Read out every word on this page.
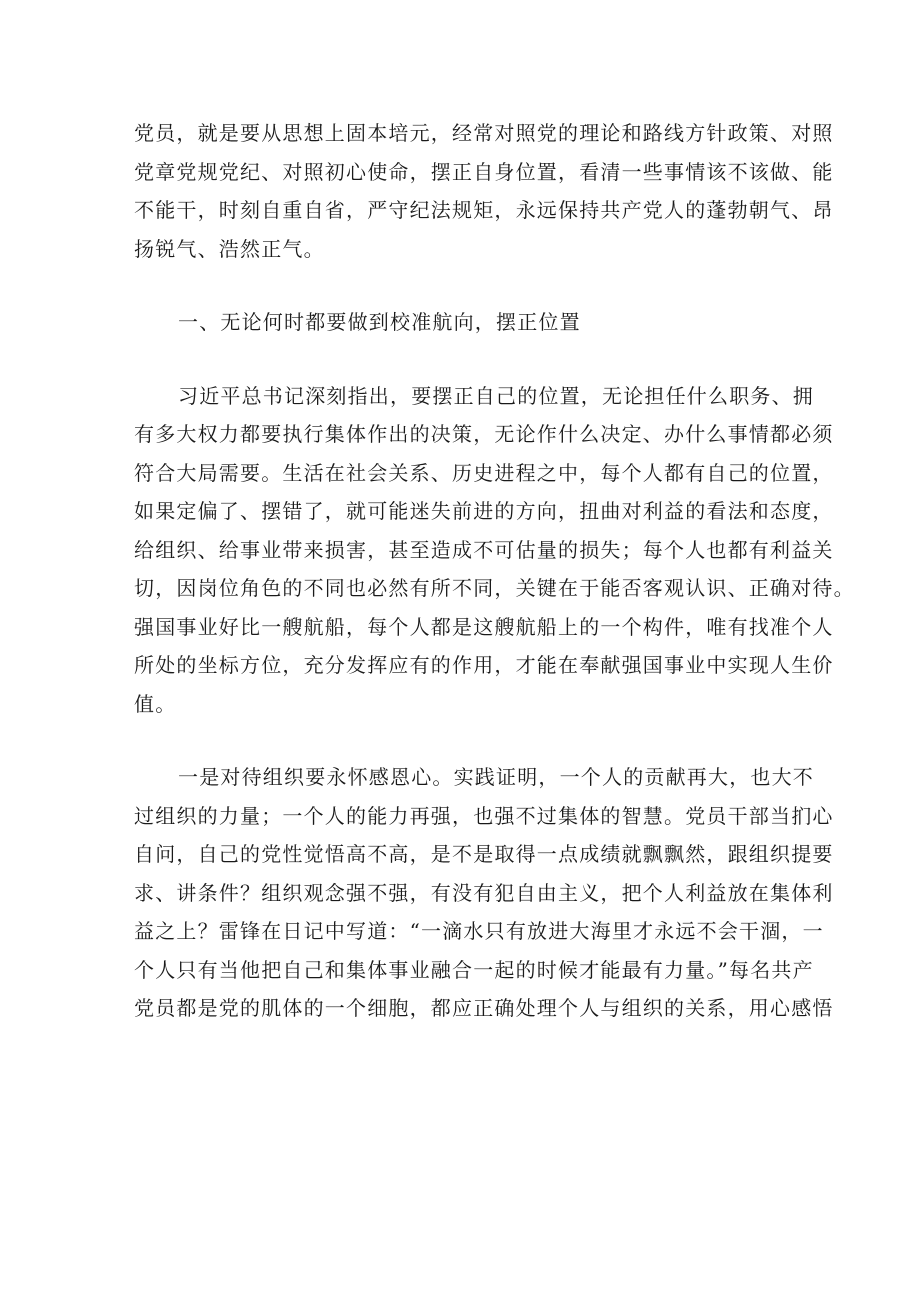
党员，就是要从思想上固本培元，经常对照党的理论和路线方针政策、对照
党章党规党纪、对照初心使命，摆正自身位置，看清一些事情该不该做、能
不能干，时刻自重自省，严守纪法规矩，永远保持共产党人的蓬勃朝气、昂
扬锐气、浩然正气。
一、无论何时都要做到校准航向，摆正位置
习近平总书记深刻指出，要摆正自己的位置，无论担任什么职务、拥
有多大权力都要执行集体作出的决策，无论作什么决定、办什么事情都必须
符合大局需要。生活在社会关系、历史进程之中，每个人都有自己的位置，
如果定偏了、摆错了，就可能迷失前进的方向，扭曲对利益的看法和态度，
给组织、给事业带来损害，甚至造成不可估量的损失；每个人也都有利益关
切，因岗位角色的不同也必然有所不同，关键在于能否客观认识、正确对待。
强国事业好比一艘航船，每个人都是这艘航船上的一个构件，唯有找准个人
所处的坐标方位，充分发挥应有的作用，才能在奉献强国事业中实现人生价
值。
一是对待组织要永怀感恩心。实践证明，一个人的贡献再大，也大不
过组织的力量；一个人的能力再强，也强不过集体的智慧。党员干部当扪心
自问，自己的党性觉悟高不高，是不是取得一点成绩就飘飘然，跟组织提要
求、讲条件？组织观念强不强，有没有犯自由主义，把个人利益放在集体利
益之上？雷锋在日记中写道：“一滴水只有放进大海里才永远不会干涸，一
个人只有当他把自己和集体事业融合一起的时候才能最有力量。”每名共产
党员都是党的肌体的一个细胞，都应正确处理个人与组织的关系，用心感悟
